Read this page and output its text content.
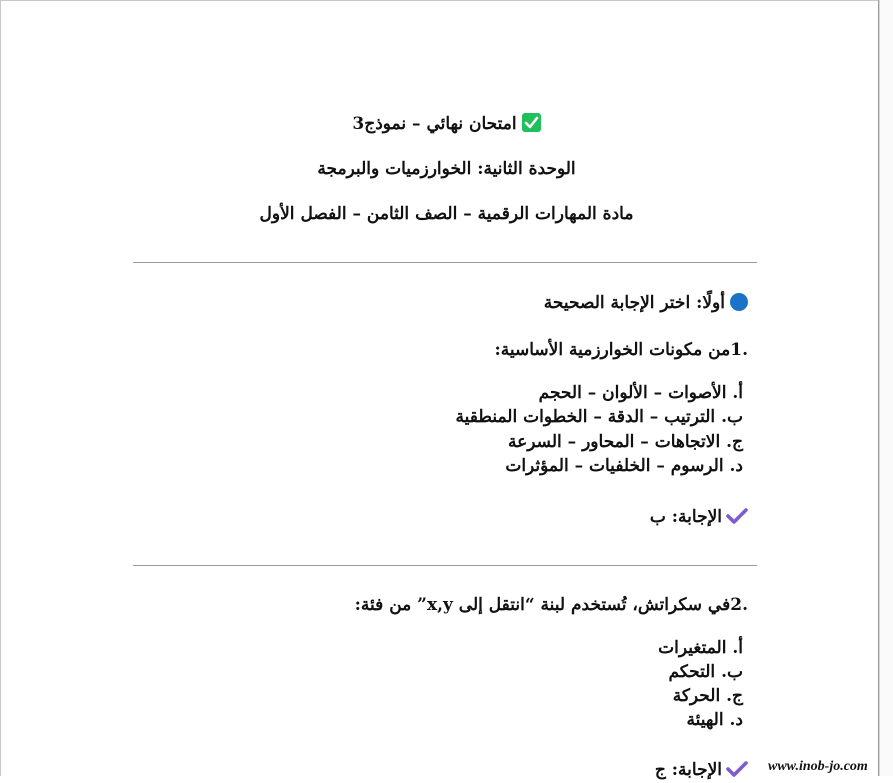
امتحان نهائي – نموذج3
الوحدة الثانية: الخوارزميات والبرمجة
مادة المهارات الرقمية – الصف الثامن – الفصل الأول
أولًا: اختر الإجابة الصحيحة
.1من مكونات الخوارزمية الأساسية:
أ. الأصوات – الألوان – الحجم
ب. الترتيب – الدقة – الخطوات المنطقية
ج. الاتجاهات – المحاور – السرعة
د. الرسوم – الخلفيات – المؤثرات
الإجابة: ب
.2في سكراتش، تُستخدم لبنة “انتقل إلى x,y” من فئة:
أ. المتغيرات
ب. التحكم
ج. الحركة
د. الهيئة
الإجابة: ج	www.inob-jo.com
